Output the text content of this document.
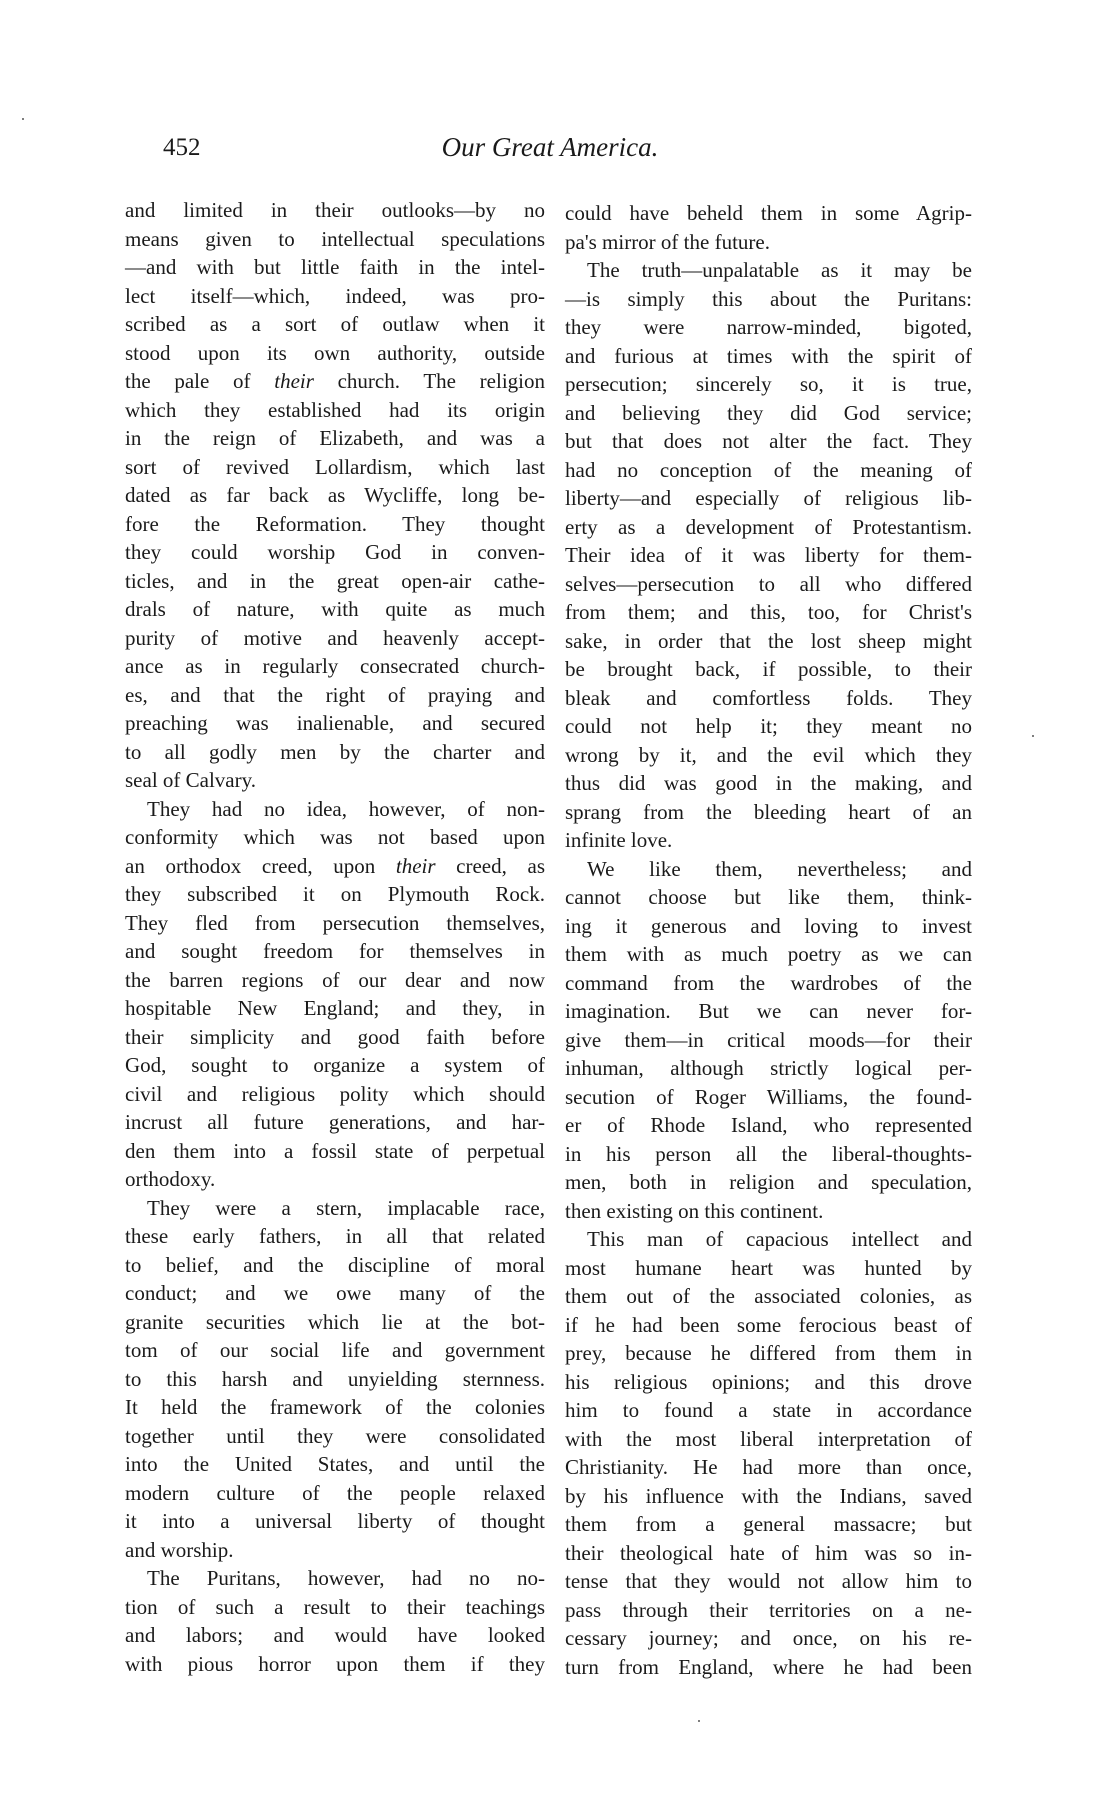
452	Our Great America.
and limited in their outlooks—by no
means given to intellectual speculations
—and with but little faith in the intel-
lect itself—which, indeed, was pro-
scribed as a sort of outlaw when it
stood upon its own authority, outside
the pale of their church. The religion
which they established had its origin
in the reign of Elizabeth, and was a
sort of revived Lollardism, which last
dated as far back as Wycliffe, long be-
fore the Reformation. They thought
they could worship God in conven-
ticles, and in the great open-air cathe-
drals of nature, with quite as much
purity of motive and heavenly accept-
ance as in regularly consecrated church-
es, and that the right of praying and
preaching was inalienable, and secured
to all godly men by the charter and
seal of Calvary.
They had no idea, however, of non-
conformity which was not based upon
an orthodox creed, upon their creed, as
they subscribed it on Plymouth Rock.
They fled from persecution themselves,
and sought freedom for themselves in
the barren regions of our dear and now
hospitable New England; and they, in
their simplicity and good faith before
God, sought to organize a system of
civil and religious polity which should
incrust all future generations, and har-
den them into a fossil state of perpetual
orthodoxy.
They were a stern, implacable race,
these early fathers, in all that related
to belief, and the discipline of moral
conduct; and we owe many of the
granite securities which lie at the bot-
tom of our social life and government
to this harsh and unyielding sternness.
It held the framework of the colonies
together until they were consolidated
into the United States, and until the
modern culture of the people relaxed
it into a universal liberty of thought
and worship.
The Puritans, however, had no no-
tion of such a result to their teachings
and labors; and would have looked
with pious horror upon them if they
could have beheld them in some Agrip-
pa's mirror of the future.
The truth—unpalatable as it may be
—is simply this about the Puritans:
they were narrow-minded, bigoted,
and furious at times with the spirit of
persecution; sincerely so, it is true,
and believing they did God service;
but that does not alter the fact. They
had no conception of the meaning of
liberty—and especially of religious lib-
erty as a development of Protestantism.
Their idea of it was liberty for them-
selves—persecution to all who differed
from them; and this, too, for Christ's
sake, in order that the lost sheep might
be brought back, if possible, to their
bleak and comfortless folds. They
could not help it; they meant no
wrong by it, and the evil which they
thus did was good in the making, and
sprang from the bleeding heart of an
infinite love.
We like them, nevertheless; and
cannot choose but like them, think-
ing it generous and loving to invest
them with as much poetry as we can
command from the wardrobes of the
imagination. But we can never for-
give them—in critical moods—for their
inhuman, although strictly logical per-
secution of Roger Williams, the found-
er of Rhode Island, who represented
in his person all the liberal-thoughts-
men, both in religion and speculation,
then existing on this continent.
This man of capacious intellect and
most humane heart was hunted by
them out of the associated colonies, as
if he had been some ferocious beast of
prey, because he differed from them in
his religious opinions; and this drove
him to found a state in accordance
with the most liberal interpretation of
Christianity. He had more than once,
by his influence with the Indians, saved
them from a general massacre; but
their theological hate of him was so in-
tense that they would not allow him to
pass through their territories on a ne-
cessary journey; and once, on his re-
turn from England, where he had been
